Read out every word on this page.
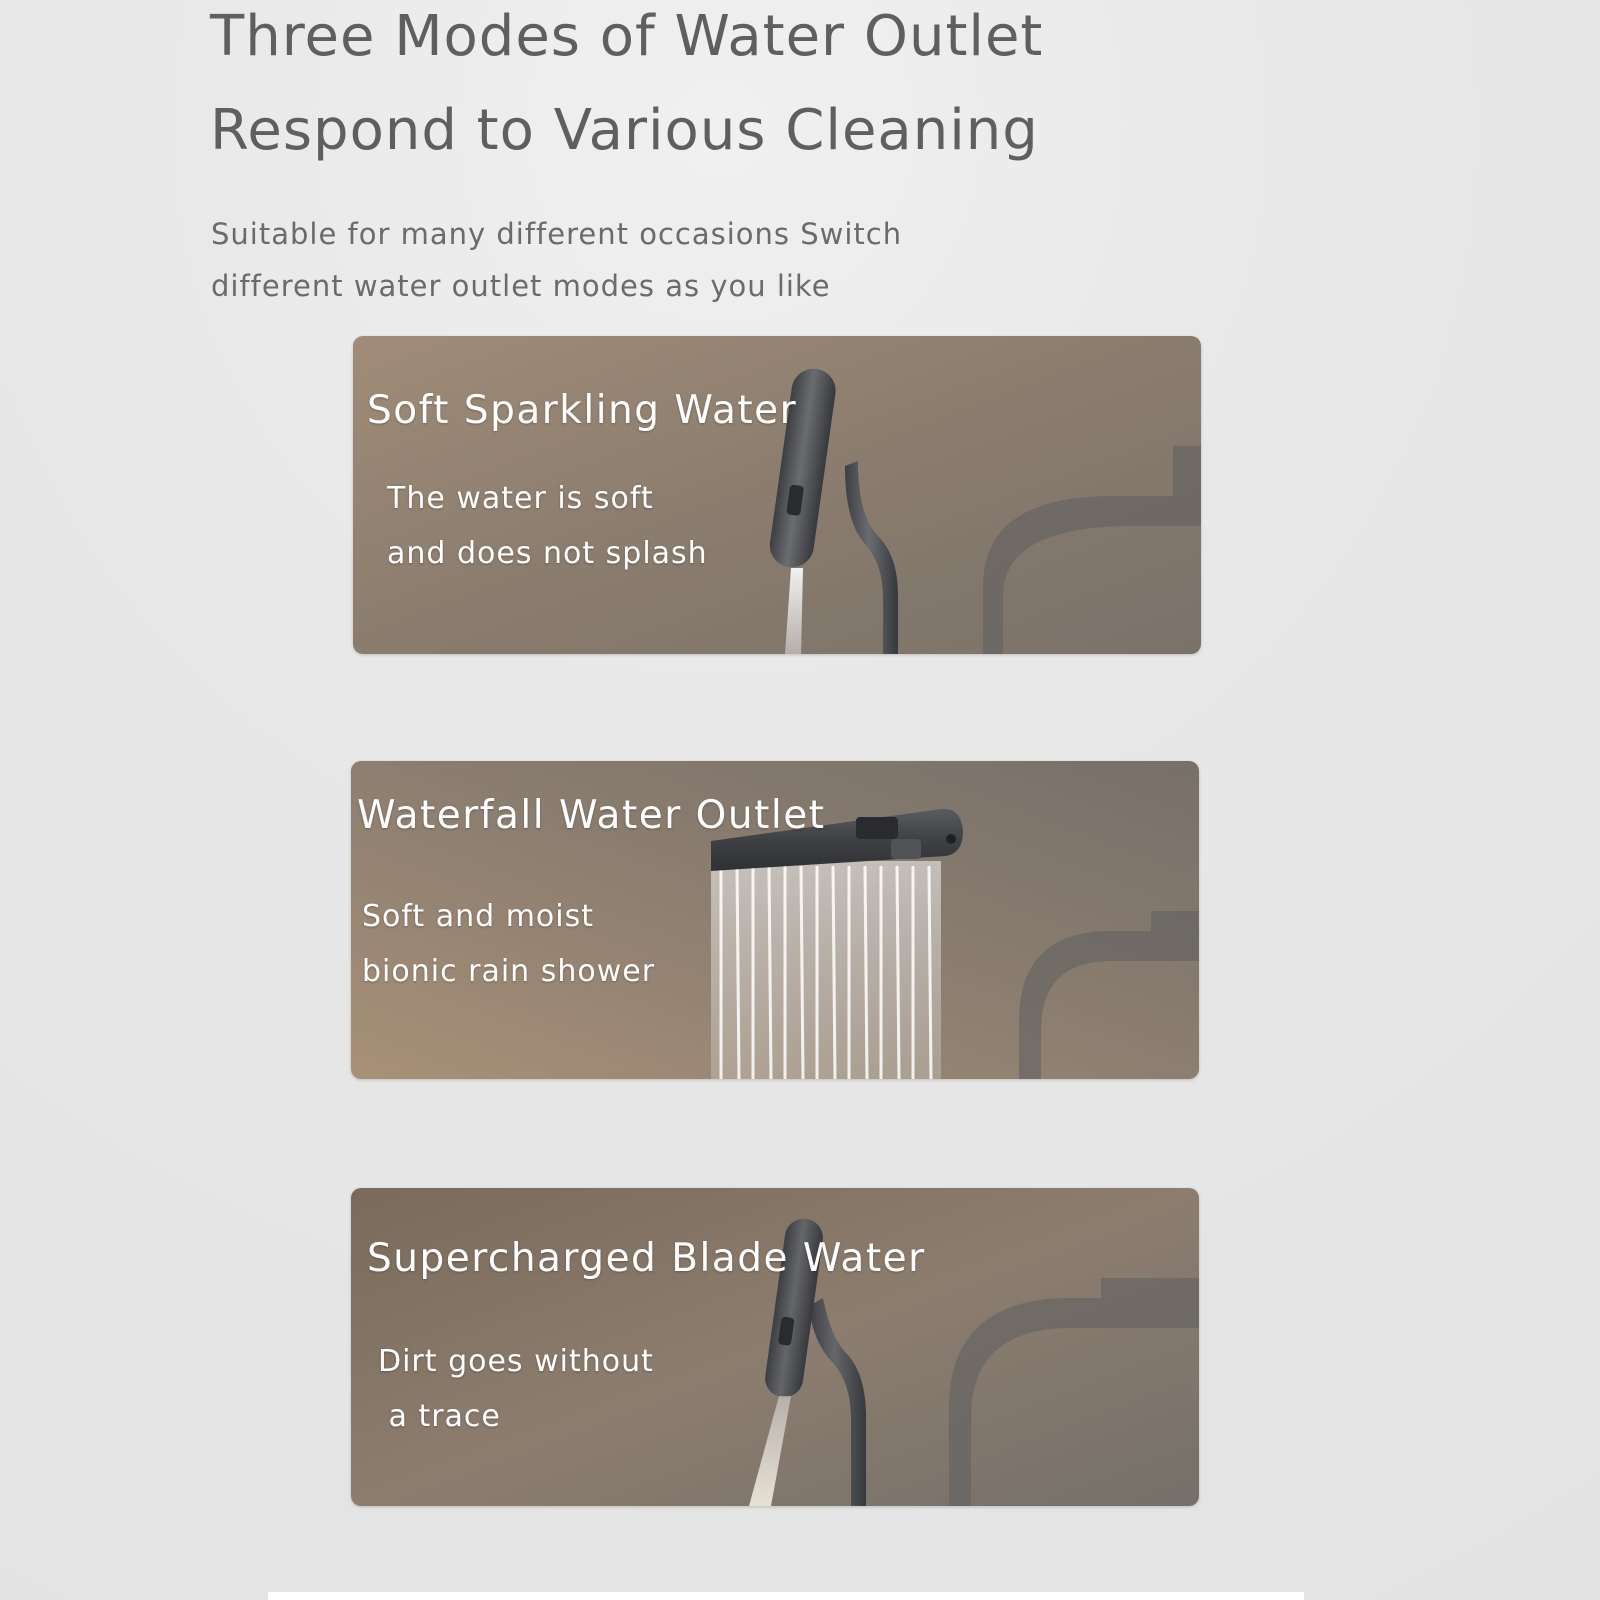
Three Modes of Water Outlet
Respond to Various Cleaning

Suitable for many different occasions Switch
different water outlet modes as you like

Soft Sparkling Water

The water is soft
and does not splash

Waterfall Water Outlet

Soft and moist
bionic rain shower

Supercharged Blade Water

Dirt goes without
a trace
